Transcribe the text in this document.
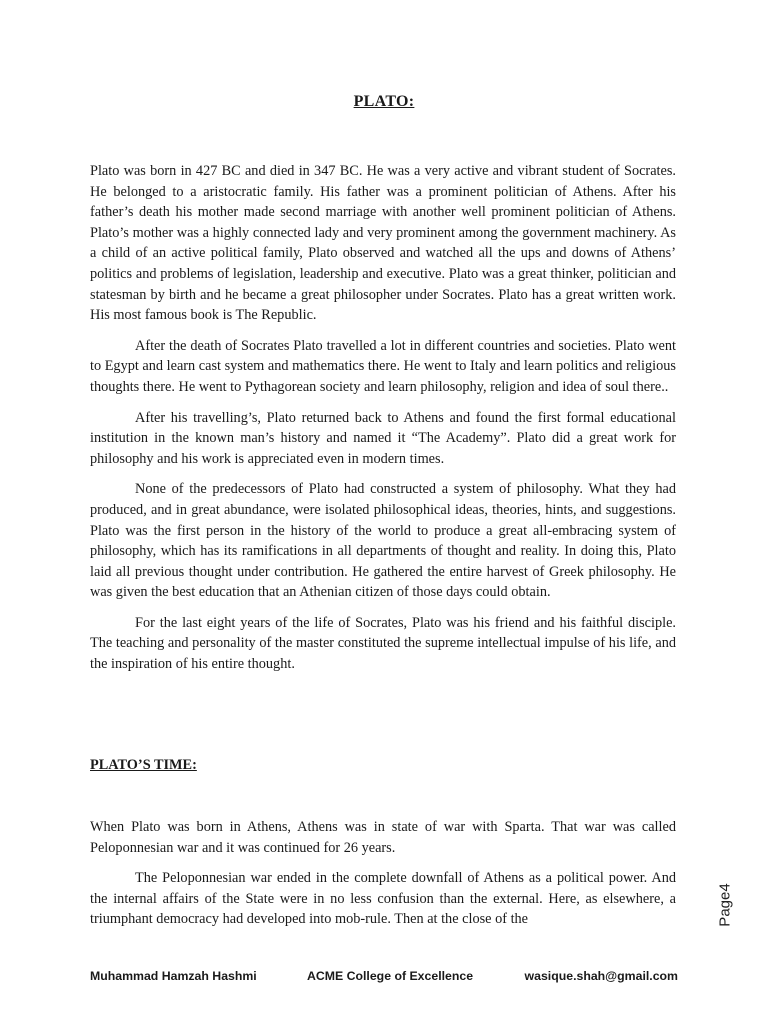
PLATO:

Plato was born in 427 BC and died in 347 BC. He was a very active and vibrant student of Socrates. He belonged to a aristocratic family. His father was a prominent politician of Athens. After his father’s death his mother made second marriage with another well prominent politician of Athens. Plato’s mother was a highly connected lady and very prominent among the government machinery. As a child of an active political family, Plato observed and watched all the ups and downs of Athens’ politics and problems of legislation, leadership and executive. Plato was a great thinker, politician and statesman by birth and he became a great philosopher under Socrates. Plato has a great written work. His most famous book is The Republic.

After the death of Socrates Plato travelled a lot in different countries and societies. Plato went to Egypt and learn cast system and mathematics there. He went to Italy and learn politics and religious thoughts there. He went to Pythagorean society and learn philosophy, religion and idea of soul there..

After his travelling’s, Plato returned back to Athens and found the first formal educational institution in the known man’s history and named it “The Academy”. Plato did a great work for philosophy and his work is appreciated even in modern times.

None of the predecessors of Plato had constructed a system of philosophy. What they had produced, and in great abundance, were isolated philosophical ideas, theories, hints, and suggestions. Plato was the first person in the history of the world to produce a great all-embracing system of philosophy, which has its ramifications in all departments of thought and reality. In doing this, Plato laid all previous thought under contribution. He gathered the entire harvest of Greek philosophy. He was given the best education that an Athenian citizen of those days could obtain.

For the last eight years of the life of Socrates, Plato was his friend and his faithful disciple. The teaching and personality of the master constituted the supreme intellectual impulse of his life, and the inspiration of his entire thought.

PLATO’S TIME:

When Plato was born in Athens, Athens was in state of war with Sparta. That war was called Peloponnesian war and it was continued for 26 years.

The Peloponnesian war ended in the complete downfall of Athens as a political power. And the internal affairs of the State were in no less confusion than the external. Here, as elsewhere, a triumphant democracy had developed into mob-rule. Then at the close of the	Page4
Muhammad Hamzah Hashmi	ACME College of Excellence	wasique.shah@gmail.com
